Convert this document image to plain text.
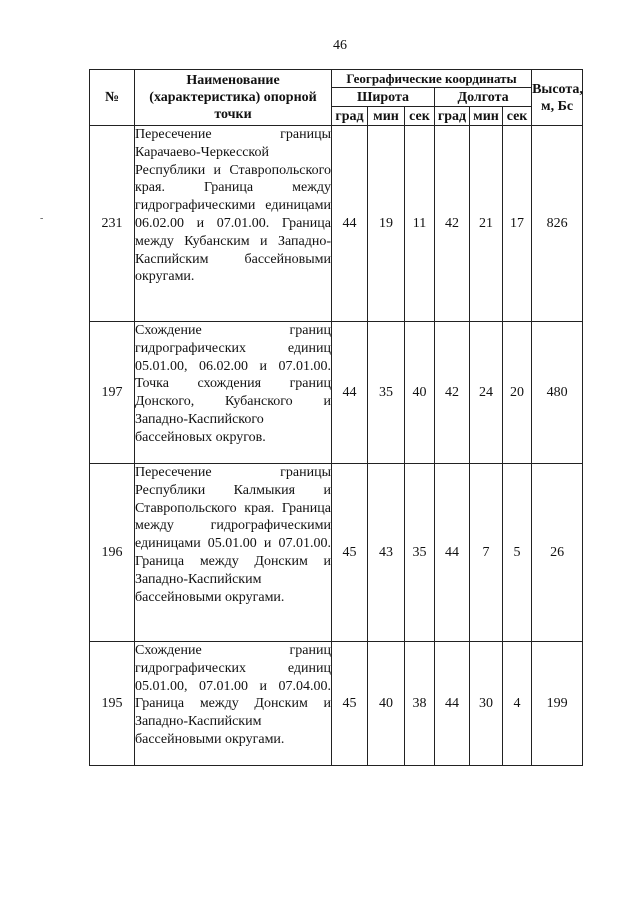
46
-
№	Наименование (характеристика) опорной точки	Географические координаты						Высота, м, Бс
		Широта			Долгота			
		град	мин	сек	град	мин	сек	
231	Пересечение границы Карачаево-Черкесской Республики и Ставропольского края. Граница между гидрографическими единицами 06.02.00 и 07.01.00. Граница между Кубанским и Западно-Каспийским бассейновыми округами.	44	19	11	42	21	17	826
197	Схождение границ гидрографических единиц 05.01.00, 06.02.00 и 07.01.00. Точка схождения границ Донского, Кубанского и Западно-Каспийского бассейновых округов.	44	35	40	42	24	20	480
196	Пересечение границы Республики Калмыкия и Ставропольского края. Граница между гидрографическими единицами 05.01.00 и 07.01.00. Граница между Донским и Западно-Каспийским бассейновыми округами.	45	43	35	44	7	5	26
195	Схождение границ гидрографических единиц 05.01.00, 07.01.00 и 07.04.00. Граница между Донским и Западно-Каспийским бассейновыми округами.	45	40	38	44	30	4	199
